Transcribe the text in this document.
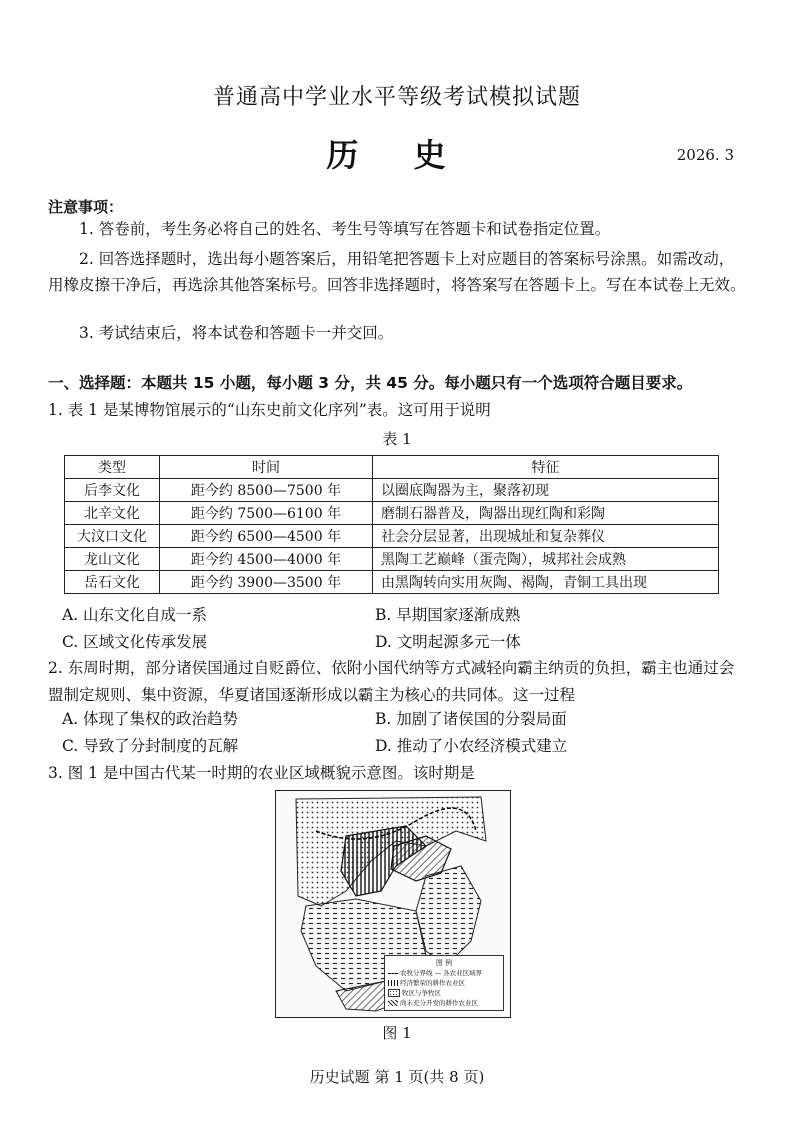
普通高中学业水平等级考试模拟试题
历 史	2026. 3
注意事项：
1. 答卷前，考生务必将自己的姓名、考生号等填写在答题卡和试卷指定位置。
2. 回答选择题时，选出每小题答案后，用铅笔把答题卡上对应题目的答案标号涂黑。如需改动，用橡皮擦干净后，再选涂其他答案标号。回答非选择题时，将答案写在答题卡上。写在本试卷上无效。
3. 考试结束后，将本试卷和答题卡一并交回。
一、选择题：本题共 15 小题，每小题 3 分，共 45 分。每小题只有一个选项符合题目要求。
1. 表 1 是某博物馆展示的“山东史前文化序列”表。这可用于说明
表 1
类型	时间	特征
后李文化	距今约 8500—7500 年	以圈底陶器为主，聚落初现
北辛文化	距今约 7500—6100 年	磨制石器普及，陶器出现红陶和彩陶
大汶口文化	距今约 6500—4500 年	社会分层显著，出现城址和复杂葬仪
龙山文化	距今约 4500—4000 年	黑陶工艺巅峰（蛋壳陶），城邦社会成熟
岳石文化	距今约 3900—3500 年	由黑陶转向实用灰陶、褐陶，青铜工具出现
A. 山东文化自成一系	B. 早期国家逐渐成熟
C. 区域文化传承发展	D. 文明起源多元一体
2. 东周时期，部分诸侯国通过自贬爵位、依附小国代纳等方式减轻向霸主纳贡的负担，霸主也通过会盟制定规则、集中资源，华夏诸国逐渐形成以霸主为核心的共同体。这一过程
A. 体现了集权的政治趋势	B. 加剧了诸侯国的分裂局面
C. 导致了分封制度的瓦解	D. 推动了小农经济模式建立
3. 图 1 是中国古代某一时期的农业区域概貌示意图。该时期是
图 例
农牧分界线 — 各农业区域界
经济繁荣的耕作农业区
牧区与争牧区
尚未充分开发的耕作农业区
图 1
历史试题 第 1 页(共 8 页)
